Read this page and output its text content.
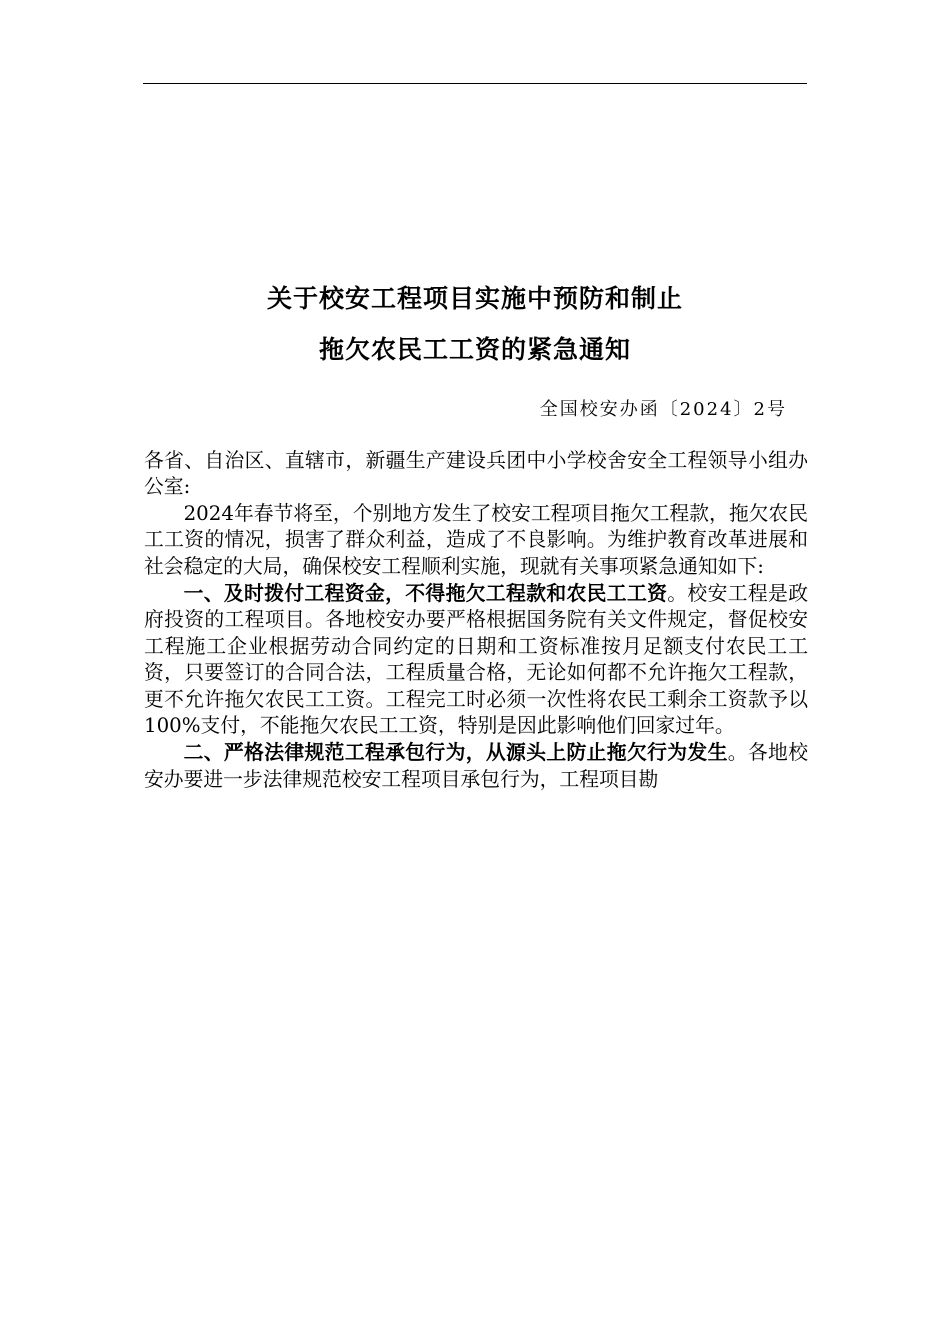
关于校安工程项目实施中预防和制止
拖欠农民工工资的紧急通知
全国校安办函〔2024〕2号

各省、自治区、直辖市，新疆生产建设兵团中小学校舍安全工程领导小组办公室:

2024年春节将至，个别地方发生了校安工程项目拖欠工程款，拖欠农民工工资的情况，损害了群众利益，造成了不良影响。为维护教育改革进展和社会稳定的大局，确保校安工程顺利实施，现就有关事项紧急通知如下:

一、及时拨付工程资金，不得拖欠工程款和农民工工资。校安工程是政府投资的工程项目。各地校安办要严格根据国务院有关文件规定，督促校安工程施工企业根据劳动合同约定的日期和工资标准按月足额支付农民工工资，只要签订的合同合法，工程质量合格，无论如何都不允许拖欠工程款，更不允许拖欠农民工工资。工程完工时必须一次性将农民工剩余工资款予以100%支付，不能拖欠农民工工资，特别是因此影响他们回家过年。

二、严格法律规范工程承包行为，从源头上防止拖欠行为发生。各地校安办要进一步法律规范校安工程项目承包行为，工程项目勘
